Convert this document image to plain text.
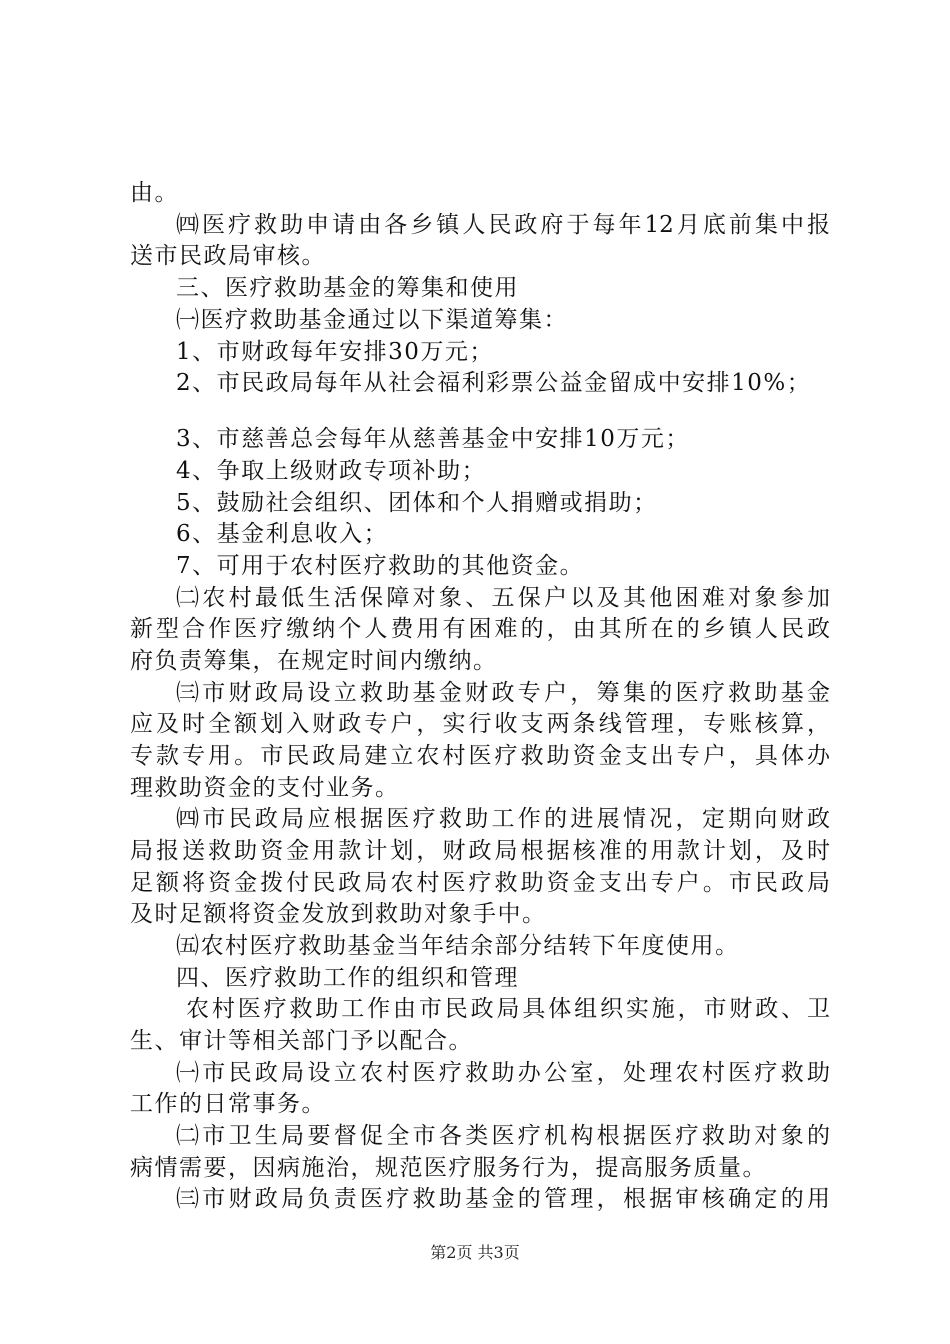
由。
㈣医疗救助申请由各乡镇人民政府于每年12月底前集中报
送市民政局审核。
三、医疗救助基金的筹集和使用
㈠医疗救助基金通过以下渠道筹集：
1、市财政每年安排30万元；
2、市民政局每年从社会福利彩票公益金留成中安排10%；
3、市慈善总会每年从慈善基金中安排10万元；
4、争取上级财政专项补助；
5、鼓励社会组织、团体和个人捐赠或捐助；
6、基金利息收入；
7、可用于农村医疗救助的其他资金。
㈡农村最低生活保障对象、五保户以及其他困难对象参加
新型合作医疗缴纳个人费用有困难的，由其所在的乡镇人民政
府负责筹集，在规定时间内缴纳。
㈢市财政局设立救助基金财政专户，筹集的医疗救助基金
应及时全额划入财政专户，实行收支两条线管理，专账核算，
专款专用。市民政局建立农村医疗救助资金支出专户，具体办
理救助资金的支付业务。
㈣市民政局应根据医疗救助工作的进展情况，定期向财政
局报送救助资金用款计划，财政局根据核准的用款计划，及时
足额将资金拨付民政局农村医疗救助资金支出专户。市民政局
及时足额将资金发放到救助对象手中。
㈤农村医疗救助基金当年结余部分结转下年度使用。
四、医疗救助工作的组织和管理
农村医疗救助工作由市民政局具体组织实施，市财政、卫
生、审计等相关部门予以配合。
㈠市民政局设立农村医疗救助办公室，处理农村医疗救助
工作的日常事务。
㈡市卫生局要督促全市各类医疗机构根据医疗救助对象的
病情需要，因病施治，规范医疗服务行为，提高服务质量。
㈢市财政局负责医疗救助基金的管理，根据审核确定的用
第2页 共3页
